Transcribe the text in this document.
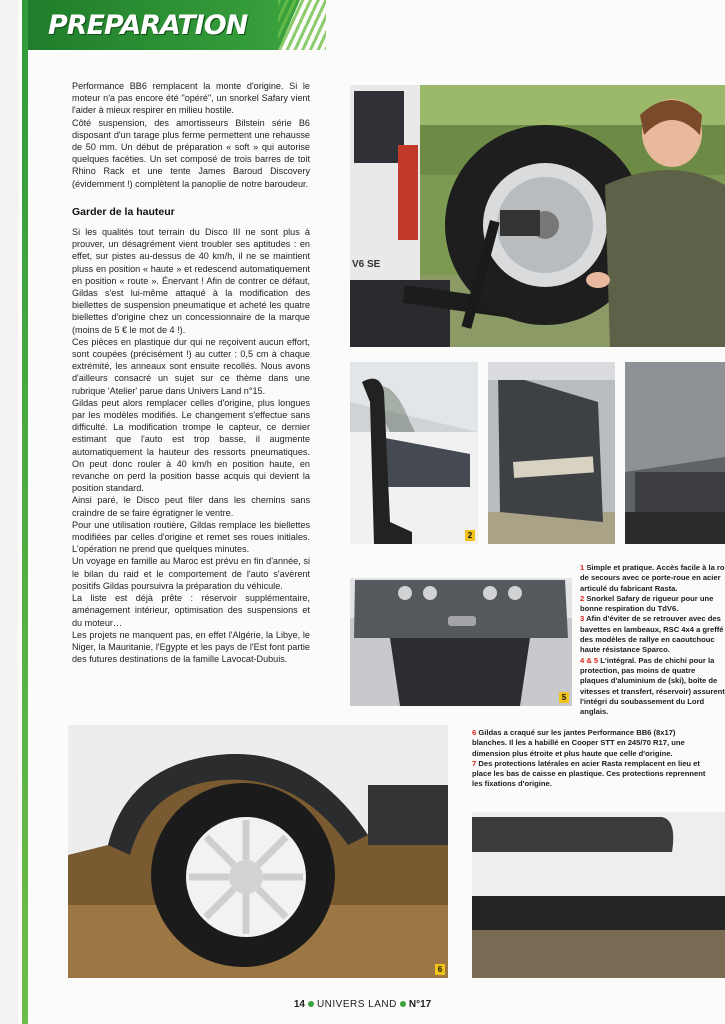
PREPARATION

Performance BB6 remplacent la monte d'origine. Si le moteur n'a pas encore été "opéré", un snorkel Safary vient l'aider à mieux respirer en milieu hostile.

Côté suspension, des amortisseurs Bilstein série B6 disposant d'un tarage plus ferme permettent une rehausse de 50 mm. Un début de préparation « soft » qui autorise quelques facéties. Un set composé de trois barres de toit Rhino Rack et une tente James Baroud Discovery (évidemment !) complètent la panoplie de notre baroudeur.

Garder de la hauteur

Si les qualités tout terrain du Disco III ne sont plus à prouver, un désagrément vient troubler ses aptitudes : en effet, sur pistes au-dessus de 40 km/h, il ne se maintient pluss en position « haute » et redescend automatiquement en position « route ». Énervant ! Afin de contrer ce défaut, Gildas s'est lui-même attaqué à la modification des biellettes de suspension pneumatique et acheté les quatre biellettes d'origine chez un concessionnaire de la marque (moins de 5 € le mot de 4 !).

Ces pièces en plastique dur qui ne reçoivent aucun effort, sont coupées (précisément !) au cutter : 0,5 cm à chaque extrémité, les anneaux sont ensuite recollés. Nous avons d'ailleurs consacré un sujet sur ce thème dans une rubrique 'Atelier' parue dans Univers Land n°15.

Gildas peut alors remplacer celles d'origine, plus longues par les modèles modifiés. Le changement s'effectue sans difficulté. La modification trompe le capteur, ce dernier estimant que l'auto est trop basse, il augmente automatiquement la hauteur des ressorts pneumatiques. On peut donc rouler à 40 km/h en position haute, en revanche on perd la position basse acquis qui devient la position standard.

Ainsi paré, le Disco peut filer dans les chemins sans craindre de se faire égratigner le ventre.

Pour une utilisation routière, Gildas remplace les biellettes modifiées par celles d'origine et remet ses roues initiales. L'opération ne prend que quelques minutes.

Un voyage en famille au Maroc est prévu en fin d'année, si le bilan du raid et le comportement de l'auto s'avèrent positifs Gildas poursuivra la préparation du véhicule.

La liste est déjà prête : réservoir supplémentaire, aménagement intérieur, optimisation des suspensions et du moteur…

Les projets ne manquent pas, en effet l'Algérie, la Libye, le Niger, la Mauritanie, l'Egypte et les pays de l'Est font partie des futures destinations de la famille Lavocat-Dubuis.

V6 SE
2
5

1 Simple et pratique. Accès facile à la ro de secours avec ce porte-roue en acier articulé du fabricant Rasta.

2 Snorkel Safary de rigueur pour une bonne respiration du TdV6.

3 Afin d'éviter de se retrouver avec des bavettes en lambeaux, RSC 4x4 a greffé des modèles de rallye en caoutchouc haute résistance Sparco.

4 & 5 L'intégral. Pas de chichi pour la protection, pas moins de quatre plaques d'aluminium de (ski), boîte de vitesses et transfert, réservoir) assurent l'intégri du soubassement du Lord anglais.

6

6 Gildas a craqué sur les jantes Performance BB6 (8x17) blanches. Il les a habillé en Cooper STT en 245/70 R17, une dimension plus étroite et plus haute que celle d'origine.

7 Des protections latérales en acier Rasta remplacent en lieu et place les bas de caisse en plastique. Ces protections reprennent les fixations d'origine.

14 UNIVERS LAND N°17
